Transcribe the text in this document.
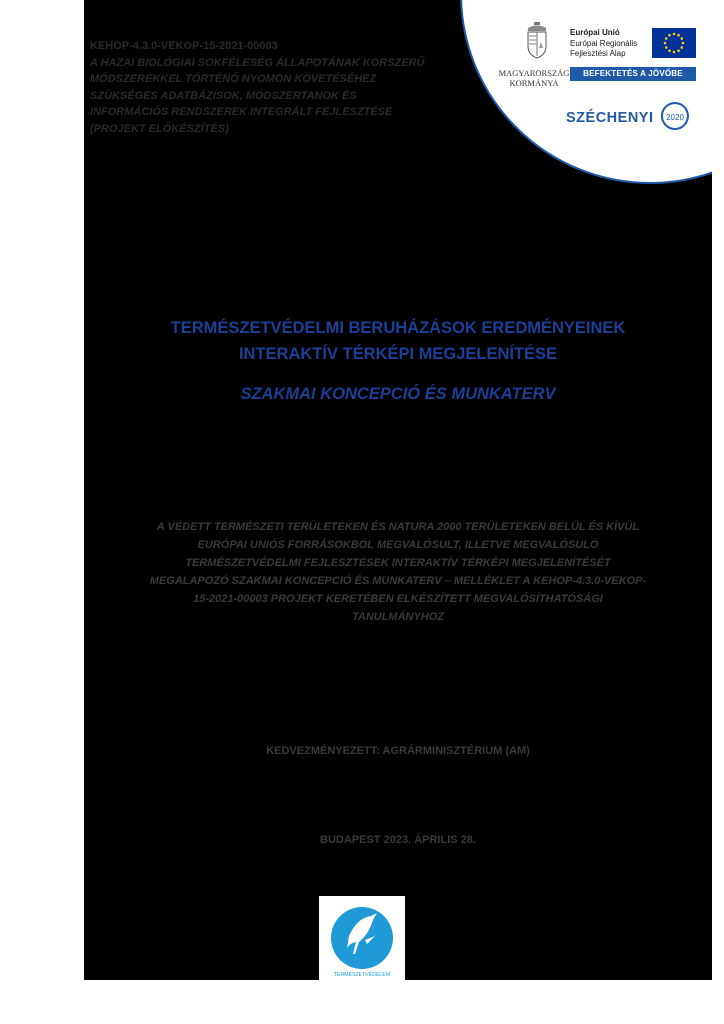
KEHOP-4.3.0-VEKOP-15-2021-00003
A HAZAI BIOLÓGIAI SOKFÉLESÉG ÁLLAPOTÁNAK KORSZERŰ
MÓDSZEREKKEL TÖRTÉNŐ NYOMON KÖVETÉSÉHEZ
SZÜKSÉGES ADATBÁZISOK, MÓDSZERTANOK ÉS
INFORMÁCIÓS RENDSZEREK INTEGRÁLT FEJLESZTÉSE
(PROJEKT ELŐKÉSZÍTÉS)
MAGYARORSZÁG
KORMÁNYA
Európai Unió
Európai Regionális
Fejlesztési Alap
BEFEKTETÉS A JÖVŐBE
SZÉCHENYI 2020
TERMÉSZETVÉDELMI BERUHÁZÁSOK EREDMÉNYEINEK
INTERAKTÍV TÉRKÉPI MEGJELENÍTÉSE
SZAKMAI KONCEPCIÓ ÉS MUNKATERV
A VÉDETT TERMÉSZETI TERÜLETEKEN ÉS NATURA 2000 TERÜLETEKEN BELÜL ÉS KÍVÜL
EURÓPAI UNIÓS FORRÁSOKBÓL MEGVALÓSULT, ILLETVE MEGVALÓSULÓ
TERMÉSZETVÉDELMI FEJLESZTÉSEK INTERAKTÍV TÉRKÉPI MEGJELENÍTÉSÉT
MEGALAPOZÓ SZAKMAI KONCEPCIÓ ÉS MUNKATERV – MELLÉKLET A KEHOP-4.3.0-VEKOP-
15-2021-00003 PROJEKT KERETÉBEN ELKÉSZÍTETT MEGVALÓSÍTHATÓSÁGI
TANULMÁNYHOZ
KEDVEZMÉNYEZETT: AGRÁRMINISZTÉRIUM (AM)
BUDAPEST 2023. ÁPRILIS 28.
TERMÉSZETVÉDELEM
